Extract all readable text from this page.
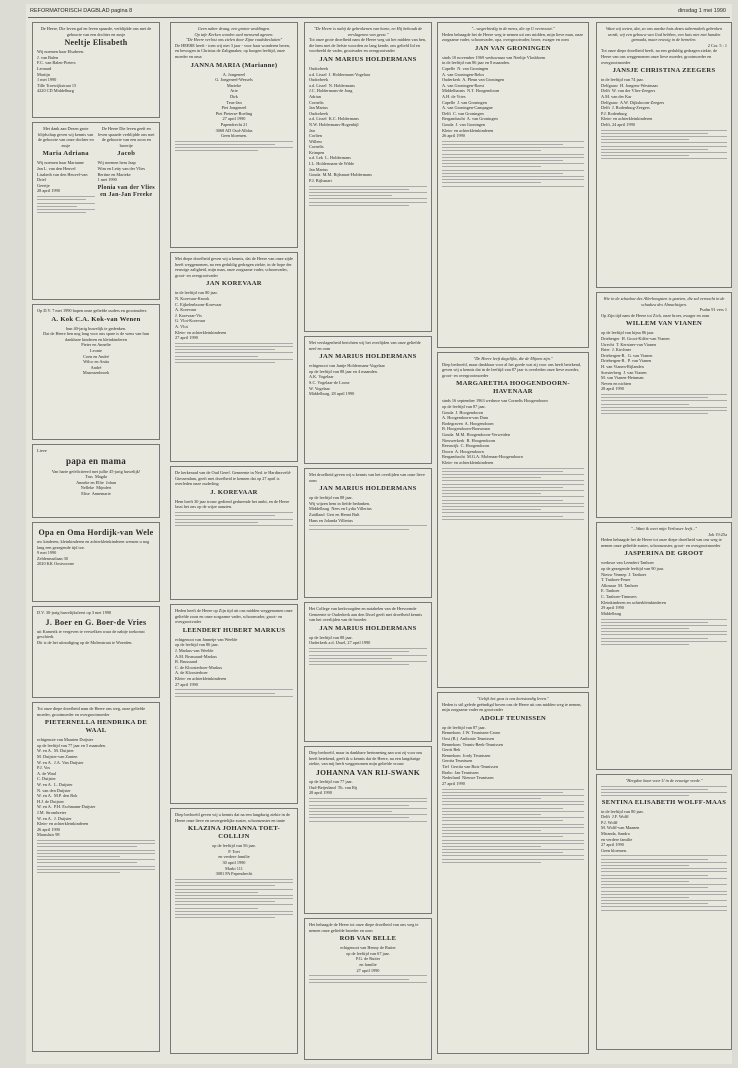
REFORMATORISCH DAGBLAD pagina 8	dinsdag 1 mei 1990
De Heere, Die leven gaf en leven spaarde, verblijdde ons met de geboorte van een dochter en zusje
Neeltje Elisabeth
Wij noemen haar Elsabeen.
J. van Balen
F.C. van Balen-Pieters
Leonard
Martijn
1 mei 1990
Tille Troewijkstraat 15
4220 CD Middelburg
Met dank aan Dezen grote blijdschap geven wij kennis van de geboorte van onze dochter en zusje
Maria Adriana
Wij noemen haar Marianne
Jan L. van den Heuvel
Lisabeth van den Heuvel-van Driel
Geertje
28 april 1990
De Heere Die leven geeft en leven spaarde verblijdde ons met de geboorte van een zoon en broertje
Jacob
Wij noemen hem Jaap
Wim en Letty van der Vlies
Bertine en Marieke
1 mei 1990
Plonia van der Vlies en Jan-Jan Freeke
Op D.V. 7 mei 1990 hopen onze geliefde ouders en grootouders
A. Kok C.A. Kok-van Wenen
hun 40-jarig huwelijk te gedenken.
Dat de Heere hen nog lang voor ons spare is de wens van hun dankbare kinderen en kleinkinderen
Pieter en Annelie
Leonie
Coen en André
Wilco en Anita
André
Maarssenbroek
Lieve
papa en mama
Van harte gefeliciteerd met jullie 45-jarig huwelijk!
Trus  Magda
Anneke en Ellie  Johan
Nelleke  Mijndert
Elise  Annemarie
Opa en Oma Hordijk-van Wele
uw kinderen, kleinkinderen en achterkleinkinderen wensen u nog lang een gezegende tijd toe.
9 mei 1990
Zeldenrustlaan 30
2020 KK Oostvoorne
D.V. 30-jarig huwelijksfeest op 3 mei 1990
J. Boer en G. Boer-de Vries
uit Kamerik te vergeven te verwelken waar de nabije toekomst geschiedt.
Dit is de het uitnodiging op de Molenstraat te Woerden.
Tot onze diepe droefheid nam de Heere ons weg, onze geliefde moeder, grootmoeder en overgrootmoeder
PIETERNELLA HENDRIKA DE WAAL
echtgenote van Maarten Duijster
op de leeftijd van 77 jaar en 5 maanden.
W. en A.  M. Duijster
M. Duijster-van Zanten
W. en A.  J.A. Van Duijster
P.J. Vos
A. de Waal
C. Duijster
W. en A.  L. Duijster
N. van den Duijster
W. en A.  M.P. den Bok
H.J. de Duijster
W. en A.  P.H. Eschmann-Duijster
J.M. Strombreter
W. en A.  J. Duijster
Klein- en achterkleinkinderen
26 april 1990
Maassluis 98
Geen naber draug, een grotne weddingen.
Op tafe Kerken worden uwd mensend agenen.
"De Heere verlost ons zielen door Zijne raadsbesluiten"
De HEERE heeft - toen wij niet 3 jaar - voor haar wonderen heren, en bewogen in Christus de Zaligmaker, op hoogen leeftijd, onze moeder en oma
JANNA MARIA (Marianne)
A. Jongeneel
G. Jongeneel-Wessels
Marieke
Arie
Dirk
Teus-Jan
Piet Jongeneel
Piet Pieterse-Roeling
27 april 1990
Papendrecht 21
3068 AD Oud-Alblas
Geen bloemen.
Met diepe droefheid geven wij u kennis, dat de Heere van onze zijde heeft weggenomen, na een geduldig gedragen ziekte, in de hope der eeuwige zaligheid, mijn man, onze zorgzame vader, schoonvader, groot- en overgrootvader
JAN KOREVAAR
in de leeftijd van 80 jaar.
N. Korevaar-Knook
C. Eijkelenboom-Korevaar
A. Korevaar
J. Korevaar-Vis
G. Vlot-Korevaar
A. Vlot
Klein- en achterkleinkinderen
27 april 1990
De kerkeraad van de Oud Geref. Gemeente in Ned. te Hardinxveld-Giessendam, geeft met droefheid te kennen dat op 27 april is overleden onze ouderling
J. KOREVAAR
Hem heeft 30 jaar trouw gediend gedurende het ambt, en de Heere lasst het ons op de wijze aanzien.
Heden heeft de Heere op Zijn tijd uit ons midden weggenomen onze geliefde zoon en onze zorgzame vader, schoonvader, groot- en overgrootvader
LEENDERT HUBERT MARKUS
echtgenoot van Jannetje van Weelde
op de leeftijd van 86 jaar.
J. Markus-van Weelde
A.M. Brussaard-Markus
B. Brussaard
C. de Kloosterboer-Markus
A. de Kloosterboer
Klein- en achterkleinkinderen
27 april 1990
Diep bedroefd geven wij u kennis dat na een langdurig ziekte in de Heere onze lieve en onvergetelijke zuster, schoonzuster en tante
KLAZINA JOHANNA TOET-COLLIJN
op de leeftijd van 56 jaar.
P. Toet
en verdere familie
30 april 1990
Markt 111
3081 PA Papendrecht
"De Heere is nabij de gebrokenen van harte, en Hij behoudt de verslagenen van geest."
Tot onze grote droefheid nam de Heere weg uit het midden van hen, die hem met de liefste woorden zo lang kende, ons geliefd lid en voorbeeld de vader, grootvader en overgrootvader
JAN MARIUS HOLDERMANS
Oudorbeek
a.d. Lissel  J. Holdermans-Vogelaar
Oudorbeek
a.d. Lissel  N. Holdermans
J.C. Holdermans-de Jong
Adrian
Cornelis
Jan Marius
Oudorbeek
a.d. Lissel  K.C. Holdermans
N.W. Holdermans-Hogenbijl
Jan
Corlien
Willem
Cornelis
Krimpen
a.d. Lek  L. Holdermans
I.L. Holdermans-de Wilde
Jan Marius
Gouda  M.M. Bijlsmart-Holdermans
P.J. Bijlsmart
Met verslagenheid berichten wij het overlijden van onze geliefde neef en oom
JAN MARIUS HOLDERMANS
echtgenoot van Jantje Holdermans-Vogelaar
op de leeftijd van 88 jaar en 4 maanden.
A.K. Vogelaar
S.C. Vogelaar-de Loose
W. Vogelaar
Middelburg, 28 april 1990
Met droefheid geven wij u kennis van het overlijden van onze lieve oom
JAN MARIUS HOLDERMANS
op de leeftijd van 88 jaar.
Wij wijzen hem in liefde bedanken.
Middelburg  Nees en Lydia Villerius
Zuidland  Gert en Henni Bult
Hans en Jolanda Villerius
Het College van kerkvoogden en notabelen van de Hervormde Gemeente te Ouderkerk aan den IJssel geeft met droefheid kennis van het overlijden van de broeder
JAN MARIUS HOLDERMANS
op de leeftijd van 88 jaar.
Ouderkerk a.d. IJssel, 27 april 1990
Diep bedroefd, maar in dankbare herinnering aan wat zij voor ons heeft betekend, geeft ik u kennis dat de Heere, na een langdurige ziekte, van mij heeft weggenomen mijn geliefde vrouw
JOHANNA VAN RIJ-SWANK
op de leeftijd van 77 jaar.
Oud-Beijerland  Th. van Rij
28 april 1990
Het behaagde de Heere tot onze diepe droefheid van ons weg te nemen onze geliefde broeder en oom
ROB VAN BELLE
echtgenoot van Henny de Ruiter
op de leeftijd van 67 jaar.
P.G. de Ruiter
en familie
27 april 1990
"...wegerbiedig in de mens, die op U vertrouwt."
Heden behaagde het de Heere weg te nemen uit ons midden, mijn lieve man, onze zorgzame vader, schoonvader, opa, overgrootvader, broer, zwager en oom
JAN VAN GRONINGEN
sinds 10 november 1969 weduwnaar van Neeltje Vlasbloem
in de leeftijd van 86 jaar en 8 maanden.
Capelle  N. van Groningen
A. van Groningen-Relos
Ouderkerk  A. Pleun van Groningen
A. van Groningen-Roest
Middelharnis  N.T. Hoogendoorn
A.H. de Vries
Capelle  J. van Groningen
A. van Groningen-Campagne
Delft  C. van Groningen
Bergambacht  A. van Groningen
Gouda  J. van Groningen
Klein- en achterkleinkinderen
26 april 1990
"De Heere leeft dagelijks, die de Mijnen zijn."
Diep bedroefd, maar dankbaar voor al het goede wat zij voor ons heeft betekend, geven wij u kennis dat in de leeftijd van 87 jaar is overleden onze lieve moeder, groot- en overgrootmoeder
MARGARETHA HOOGENDOORN-HAVENAAR
sinds 16 september 1963 weduwe van Cornelis Hoogendoorn
op de leeftijd van 87 jaar.
Gouda  J. Hoogendoorn
A. Hoogendoorn-van Dam
Bodegraven  A. Hoogendoorn
B. Hoogendoorn-Bouwman
Gouda  M.M. Hoogendoorn-Verweiden
Nieuwerkerk  R. Hoogendoorn
Reeuwijk  C. Hoogendoorn
Doorn  A. Hoogendoorn
Bergambacht  M.G.A. Molenaar-Hoogendoorn
Klein- en achterkleinkinderen
"Gelijk het gras is ons kortstondig leven."
Heden is stil gelede geëindigd boven ons de Heere uit ons midden weg te nemen, mijn zorgzame vader en grootvader
ADOLF TEUNISSEN
op de leeftijd van 87 jaar.
Bennekom  J.W. Teunissen-Crone
Oost (B.)  Anthonie Teunissen
Bennekom  Teunis-Beek-Teunissen
Gerrit Bek
Bennekom  Jordy Teunissen
Gerrita Teunissen
Tiel  Gerrita van Buis-Teunissen
Brabo  Jan Teunissen
Nederland  Nieuwe Teunissen
27 april 1990
Want wij weten, dat, zo ons aardse huis dezes tabernakels gebroken wordt, wij een gebouw van God hebben, een huis niet met handen gemaakt, maar eeuwig in de hemelen.
2 Cor. 5 : 1
Tot onze diepe droefheid heeft, na een geduldig gedragen ziekte, de Heere van ons weggenomen onze lieve moeder, grootmoeder en overgrootmoeder
JANSJE CHRISTINA ZEEGERS
in de leeftijd van 74 jaar.
Delfgauw  H. Jongens-Westmaas
Delft  W. van der Vlier-Zeegers
A.M. van der Kar
Delfgauw  A.W. Dijkshoorn-Zeegers
Delft  J. Rodenburg-Zeegers
P.J. Rodenburg
Klein- en achterkleinkinderen
Delft, 24 april 1990
Wie in de schaduw des Allerhoogsten is gezeten, die zal vernacht in de schaduw des Almachtigen.
Psalm 91 vers 1
Op Zijn tijd nam de Heere tot Zich, onze broer, zwager en oom
WILLEM VAN VIANEN
op de leeftijd van bijna 86 jaar.
Drieberger  H. Groot-Kiffer-van Vianen
Utrecht  T. Kerstner-van Vianen
Brier  J. Kirchner
Driebergen-R.  G. van Vianen
Driebergen-R.  P. van Vianen
H. van Vianen-Rijlanden
Soesterberg  J. van Vianen
M. van Vianen-Heinman
Neven en nichten
28 april 1990
"...Want ik weet mijn Verlosser leeft..."
Job 19:25a
Heden behaagde het de Heere tot onze diepe droefheid van ons weg te nemen onze geliefde zuster, schoonzuster, groot- en overgrootmoeder
JASPERINA DE GROOT
weduwe van Leendert Tanhoer
op de gezegende leeftijd van 90 jaar.
Nieuw Vennep  J. Tanhoer
T. Tanhoer-Feuer
Alkmaar  M. Tanhoer
E. Tanhoer
C. Tanhoer-Timmers
Kleinkinderen en achterkleinkinderen
29 april 1990
Middelburg
"Hergdoe haar voor U in de eeuwige vrede."
SENTINA ELISABETH WOLFF-MAAS
in de leeftijd van 80 jaar.
Delft  J.F. Wolff
P.J. Wolff
M. Wolff-van Maanen
Miranda, Sandra
en verdere familie
27 april 1990
Geen bloemen.
